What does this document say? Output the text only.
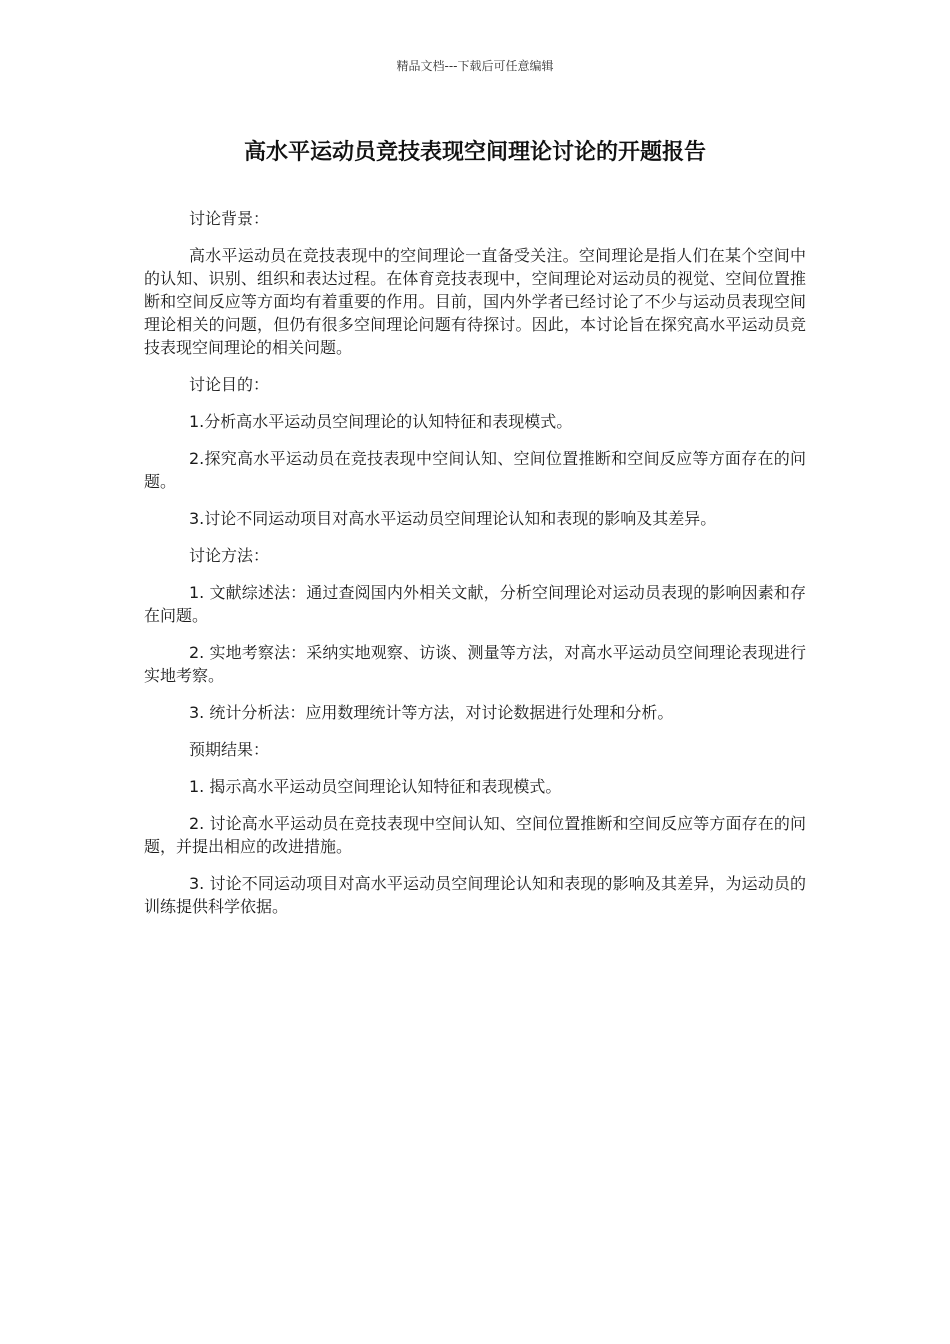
精品文档---下载后可任意编辑
高水平运动员竞技表现空间理论讨论的开题报告

讨论背景：

高水平运动员在竞技表现中的空间理论一直备受关注。空间理论是指人们在某个空间中的认知、识别、组织和表达过程。在体育竞技表现中，空间理论对运动员的视觉、空间位置推断和空间反应等方面均有着重要的作用。目前，国内外学者已经讨论了不少与运动员表现空间理论相关的问题，但仍有很多空间理论问题有待探讨。因此，本讨论旨在探究高水平运动员竞技表现空间理论的相关问题。

讨论目的：

1.分析高水平运动员空间理论的认知特征和表现模式。

2.探究高水平运动员在竞技表现中空间认知、空间位置推断和空间反应等方面存在的问题。

3.讨论不同运动项目对高水平运动员空间理论认知和表现的影响及其差异。

讨论方法：

1. 文献综述法：通过查阅国内外相关文献，分析空间理论对运动员表现的影响因素和存在问题。

2. 实地考察法：采纳实地观察、访谈、测量等方法，对高水平运动员空间理论表现进行实地考察。

3. 统计分析法：应用数理统计等方法，对讨论数据进行处理和分析。

预期结果：

1. 揭示高水平运动员空间理论认知特征和表现模式。

2. 讨论高水平运动员在竞技表现中空间认知、空间位置推断和空间反应等方面存在的问题，并提出相应的改进措施。

3. 讨论不同运动项目对高水平运动员空间理论认知和表现的影响及其差异，为运动员的训练提供科学依据。
